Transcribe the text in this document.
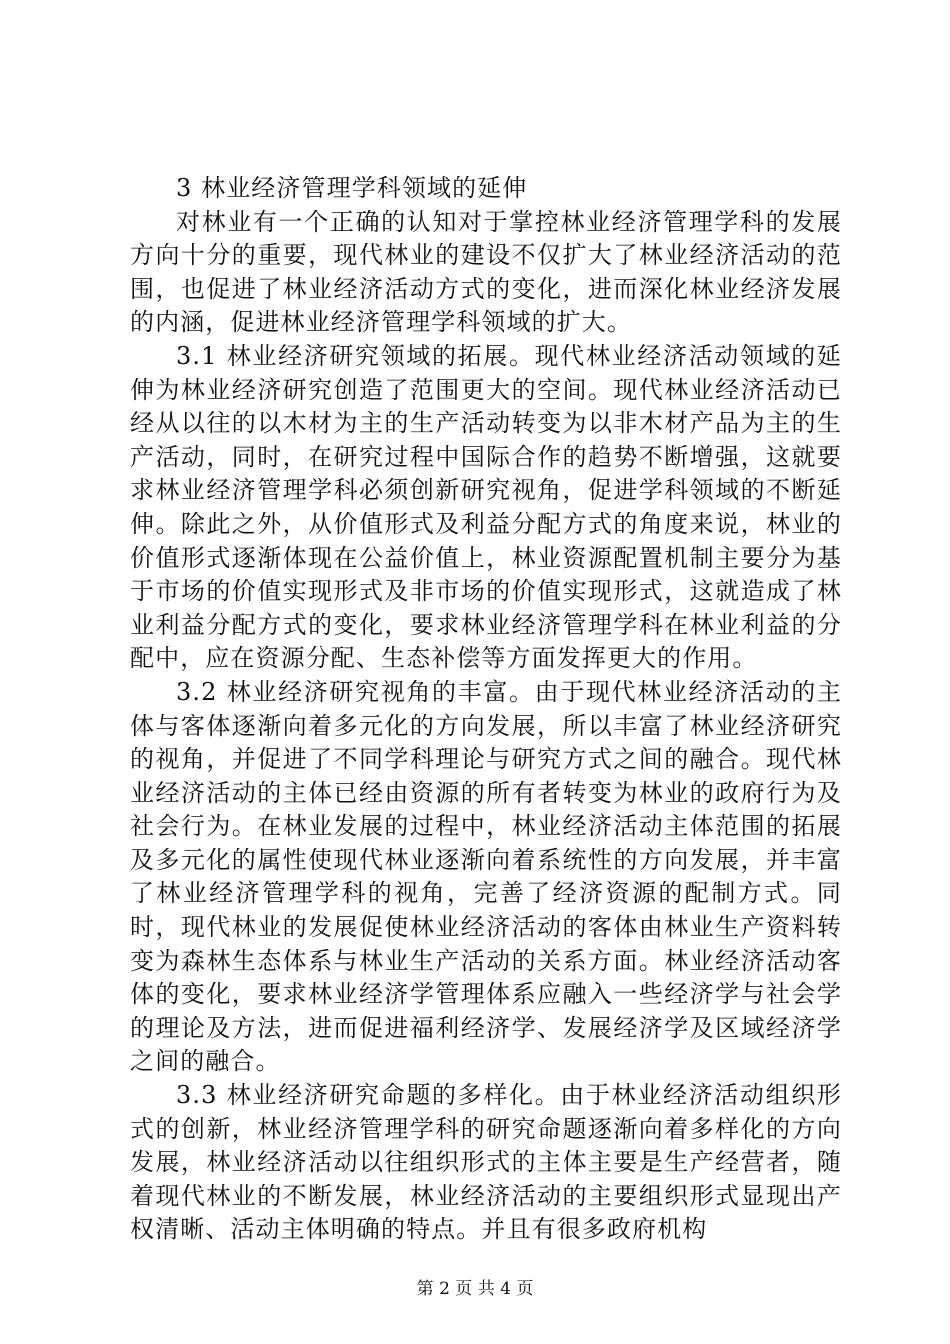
3 林业经济管理学科领域的延伸

对林业有一个正确的认知对于掌控林业经济管理学科的发展方向十分的重要，现代林业的建设不仅扩大了林业经济活动的范围，也促进了林业经济活动方式的变化，进而深化林业经济发展的内涵，促进林业经济管理学科领域的扩大。

3.1 林业经济研究领域的拓展。现代林业经济活动领域的延伸为林业经济研究创造了范围更大的空间。现代林业经济活动已经从以往的以木材为主的生产活动转变为以非木材产品为主的生产活动，同时，在研究过程中国际合作的趋势不断增强，这就要求林业经济管理学科必须创新研究视角，促进学科领域的不断延伸。除此之外，从价值形式及利益分配方式的角度来说，林业的价值形式逐渐体现在公益价值上，林业资源配置机制主要分为基于市场的价值实现形式及非市场的价值实现形式，这就造成了林业利益分配方式的变化，要求林业经济管理学科在林业利益的分配中，应在资源分配、生态补偿等方面发挥更大的作用。

3.2 林业经济研究视角的丰富。由于现代林业经济活动的主体与客体逐渐向着多元化的方向发展，所以丰富了林业经济研究的视角，并促进了不同学科理论与研究方式之间的融合。现代林业经济活动的主体已经由资源的所有者转变为林业的政府行为及社会行为。在林业发展的过程中，林业经济活动主体范围的拓展及多元化的属性使现代林业逐渐向着系统性的方向发展，并丰富了林业经济管理学科的视角，完善了经济资源的配制方式。同时，现代林业的发展促使林业经济活动的客体由林业生产资料转变为森林生态体系与林业生产活动的关系方面。林业经济活动客体的变化，要求林业经济学管理体系应融入一些经济学与社会学的理论及方法，进而促进福利经济学、发展经济学及区域经济学之间的融合。

3.3 林业经济研究命题的多样化。由于林业经济活动组织形式的创新，林业经济管理学科的研究命题逐渐向着多样化的方向发展，林业经济活动以往组织形式的主体主要是生产经营者，随着现代林业的不断发展，林业经济活动的主要组织形式显现出产权清晰、活动主体明确的特点。并且有很多政府机构

第 2 页 共 4 页
